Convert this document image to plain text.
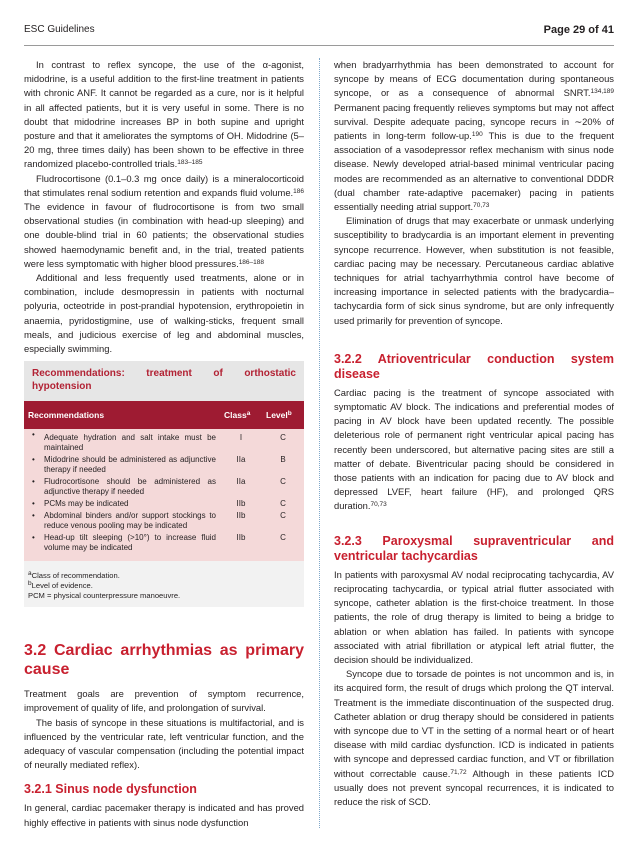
ESC Guidelines	Page 29 of 41

In contrast to reflex syncope, the use of the α-agonist, midodrine, is a useful addition to the first-line treatment in patients with chronic ANF. It cannot be regarded as a cure, nor is it helpful in all affected patients, but it is very useful in some. There is no doubt that midodrine increases BP in both supine and upright posture and that it ameliorates the symptoms of OH. Midodrine (5–20 mg, three times daily) has been shown to be effective in three randomized placebo-controlled trials.$^{183-185}$

Fludrocortisone (0.1–0.3 mg once daily) is a mineralocorticoid that stimulates renal sodium retention and expands fluid volume.$^{186}$ The evidence in favour of fludrocortisone is from two small observational studies (in combination with head-up sleeping) and one double-blind trial in 60 patients; the observational studies showed haemodynamic benefit and, in the trial, treated patients were less symptomatic with higher blood pressures.$^{186-188}$

Additional and less frequently used treatments, alone or in combination, include desmopressin in patients with nocturnal polyuria, octeotride in post-prandial hypotension, erythropoietin in anaemia, pyridostigmine, use of walking-sticks, frequent small meals, and judicious exercise of leg and abdominal muscles, especially swimming.

Recommendations: treatment of orthostatic hypotension
Recommendations	Class$^a$	Level$^b$

• Adequate hydration and salt intake must be maintained	I	C

• Midodrine should be administered as adjunctive therapy if needed	IIa	B

• Fludrocortisone should be administered as adjunctive therapy if needed	IIa	C

• PCMs may be indicated	IIb	C

• Abdominal binders and/or support stockings to reduce venous pooling may be indicated	IIb	C

• Head-up tilt sleeping (>10°) to increase fluid volume may be indicated	IIb	C
$^a$Class of recommendation.
$^b$Level of evidence.
PCM = physical counterpressure manoeuvre.
3.2 Cardiac arrhythmias as primary cause

Treatment goals are prevention of symptom recurrence, improvement of quality of life, and prolongation of survival.

The basis of syncope in these situations is multifactorial, and is influenced by the ventricular rate, left ventricular function, and the adequacy of vascular compensation (including the potential impact of neurally mediated reflex).

3.2.1 Sinus node dysfunction

In general, cardiac pacemaker therapy is indicated and has proved highly effective in patients with sinus node dysfunction

when bradyarrhythmia has been demonstrated to account for syncope by means of ECG documentation during spontaneous syncope, or as a consequence of abnormal SNRT.$^{134,189}$ Permanent pacing frequently relieves symptoms but may not affect survival. Despite adequate pacing, syncope recurs in ∼20% of patients in long-term follow-up.$^{190}$ This is due to the frequent association of a vasodepressor reflex mechanism with sinus node disease. Newly developed atrial-based minimal ventricular pacing modes are recommended as an alternative to conventional DDDR (dual chamber rate-adaptive pacemaker) pacing in patients essentially needing atrial support.$^{70,73}$

Elimination of drugs that may exacerbate or unmask underlying susceptibility to bradycardia is an important element in preventing syncope recurrence. However, when substitution is not feasible, cardiac pacing may be necessary. Percutaneous cardiac ablative techniques for atrial tachyarrhythmia control have become of increasing importance in selected patients with the bradycardia–tachycardia form of sick sinus syndrome, but are only infrequently used primarily for prevention of syncope.

3.2.2 Atrioventricular conduction system disease

Cardiac pacing is the treatment of syncope associated with symptomatic AV block. The indications and preferential modes of pacing in AV block have been updated recently. The possible deleterious role of permanent right ventricular apical pacing has recently been underscored, but alternative pacing sites are still a matter of debate. Biventricular pacing should be considered in those patients with an indication for pacing due to AV block and depressed LVEF, heart failure (HF), and prolonged QRS duration.$^{70,73}$

3.2.3 Paroxysmal supraventricular and ventricular tachycardias

In patients with paroxysmal AV nodal reciprocating tachycardia, AV reciprocating tachycardia, or typical atrial flutter associated with syncope, catheter ablation is the first-choice treatment. In those patients, the role of drug therapy is limited to being a bridge to ablation or when ablation has failed. In patients with syncope associated with atrial fibrillation or atypical left atrial flutter, the decision should be individualized.

Syncope due to torsade de pointes is not uncommon and is, in its acquired form, the result of drugs which prolong the QT interval. Treatment is the immediate discontinuation of the suspected drug. Catheter ablation or drug therapy should be considered in patients with syncope due to VT in the setting of a normal heart or of heart disease with mild cardiac dysfunction. ICD is indicated in patients with syncope and depressed cardiac function, and VT or fibrillation without correctable cause.$^{71,72}$ Although in these patients ICD usually does not prevent syncopal recurrences, it is indicated to reduce the risk of SCD.
